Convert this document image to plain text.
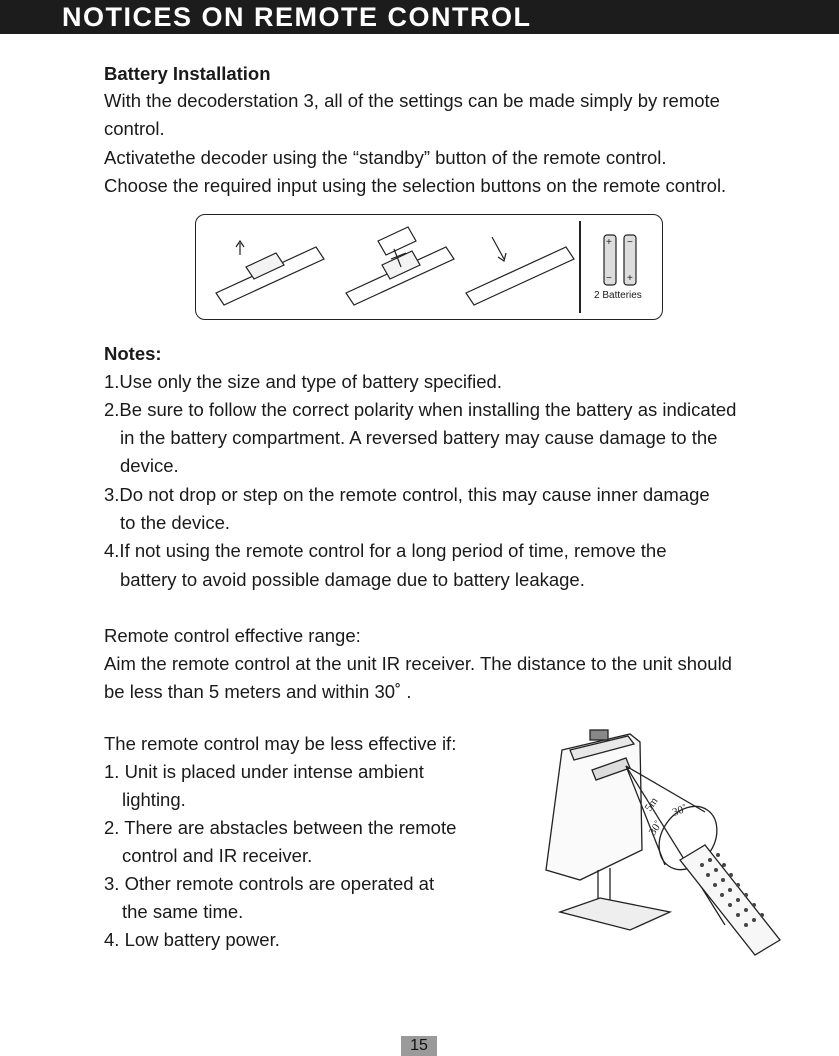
NOTICES ON REMOTE CONTROL
Battery Installation
With the decoderstation 3, all of the settings can be made simply by remote
control.
Activatethe decoder using the “standby” button of the remote control.
Choose the required input using the selection buttons on the remote control.
+ −
− +
2 Batteries
Notes:
1.Use only the size and type of battery specified.
2.Be sure to follow the correct polarity when installing the battery as indicated
in the battery compartment. A reversed battery may cause damage to the
device.
3.Do not drop or step on the remote control, this may cause inner damage
to the device.
4.If not using the remote control for a long period of time, remove the
battery to avoid possible damage due to battery leakage.
Remote control effective range:
Aim the remote control at the unit IR receiver. The distance to the unit should
be less than 5 meters and within 30˚ .
The remote control may be less effective if:
1. Unit is placed under intense ambient
lighting.
2. There are abstacles between the remote
control and IR receiver.
3. Other remote controls are operated at
the same time.
4. Low battery power.
5m 30˚
30˚
15
